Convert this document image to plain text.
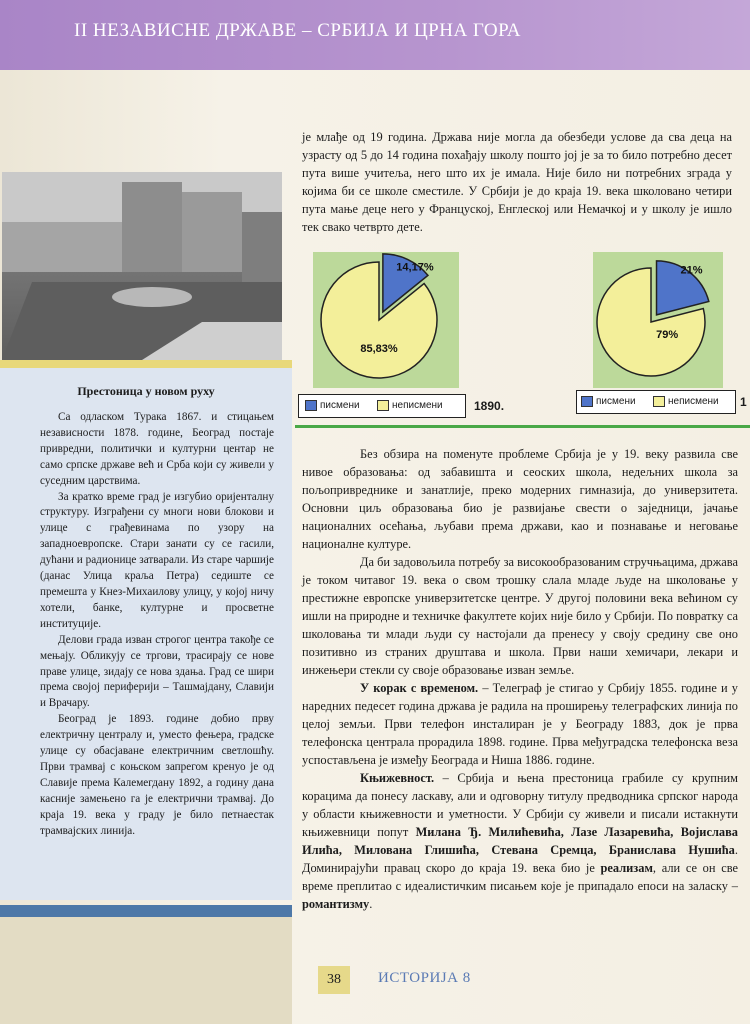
II НЕЗАВИСНЕ ДРЖАВЕ – СРБИЈА И ЦРНА ГОРА
Престоница у новом руху

Са одласком Турака 1867. и стицањем независности 1878. године, Београд постаје привредни, политички и културни центар не само српске државе већ и Срба који су живели у суседним царствима.

За кратко време град је изгубио оријенталну структуру. Изграђени су многи нови блокови и улице с грађевинама по узору на западноевропске. Стари занати су се гасили, дућани и радионице затварали. Из старе чаршије (данас Улица краља Петра) седиште се премешта у Кнез-Михаилову улицу, у којој ничу хотели, банке, културне и просветне институције.

Делови града изван строгог центра такође се мењају. Обликују се тргови, трасирају се нове праве улице, зидају се нова здања. Град се шири према својој периферији – Ташмајдану, Славији и Врачару.

Београд је 1893. године добио прву електричну централу и, уместо фењера, градске улице су обасјаване електричним светлошћу. Први трамвај с коњском запрегом кренуо је од Славије према Калемегдану 1892, а годину дана касније замењено га је електрични трамвај. До краја 19. века у граду је било петнаестак трамвајских линија.

је млађе од 19 година. Држава није могла да обезбеди услове да сва деца на узрасту од 5 до 14 година похађају школу пошто јој је за то било потребно десет пута више учитеља, него што их је имала. Није било ни потребних зграда у којима би се школе сместиле. У Србији је до краја 19. века школовано четири пута мање деце него у Француској, Енглеској или Немачкој и у школу је ишло тек свако четврто дете.

14,17%
85,83%
писмени	неписмени	1890.
21%
79%
писмени	неписмени 1

Без обзира на поменуте проблеме Србија је у 19. веку развила све нивое образовања: од забавишта и сеоских школа, недељних школа за пољопривреднике и занатлије, преко модерних гимназија, до универзитета. Основни циљ образовања био је развијање свести о заједници, јачање националних осећања, љубави према држави, као и познавање и неговање националне културе.

Да би задовољила потребу за високообразованим стручњацима, држава је током читавог 19. века о свом трошку слала младе људе на школовање у престижне европске универзитетске центре. У другој половини века већином су ишли на природне и техничке факултете којих није било у Србији. По повратку са школовања ти млади људи су настојали да пренесу у своју средину све оно позитивно из страних друштава и школа. Први наши хемичари, лекари и инжењери стекли су своје образовање изван земље.

У корак с временом. – Телеграф је стигао у Србију 1855. године и у наредних педесет година држава је радила на проширењу телеграфских линија по целој земљи. Први телефон инсталиран је у Београду 1883, док је прва телефонска централа прорадила 1898. године. Прва међуградска телефонска веза успостављена је између Београда и Ниша 1886. године.

Књижевност. – Србија и њена престоница грабиле су крупним корацима да понесу ласкаву, али и одговорну титулу предводника српског народа у области књижевности и уметности. У Србији су живели и писали истакнути књижевници попут Милана Ђ. Милићевића, Лазе Лазаревића, Војислава Илића, Милована Глишића, Стевана Сремца, Бранислава Нушића. Доминирајући правац скоро до краја 19. века био је реализам, али се он све време преплитао с идеалистичким писањем које је припадало епоси на заласку – романтизму.

38	ИСТОРИЈА 8
